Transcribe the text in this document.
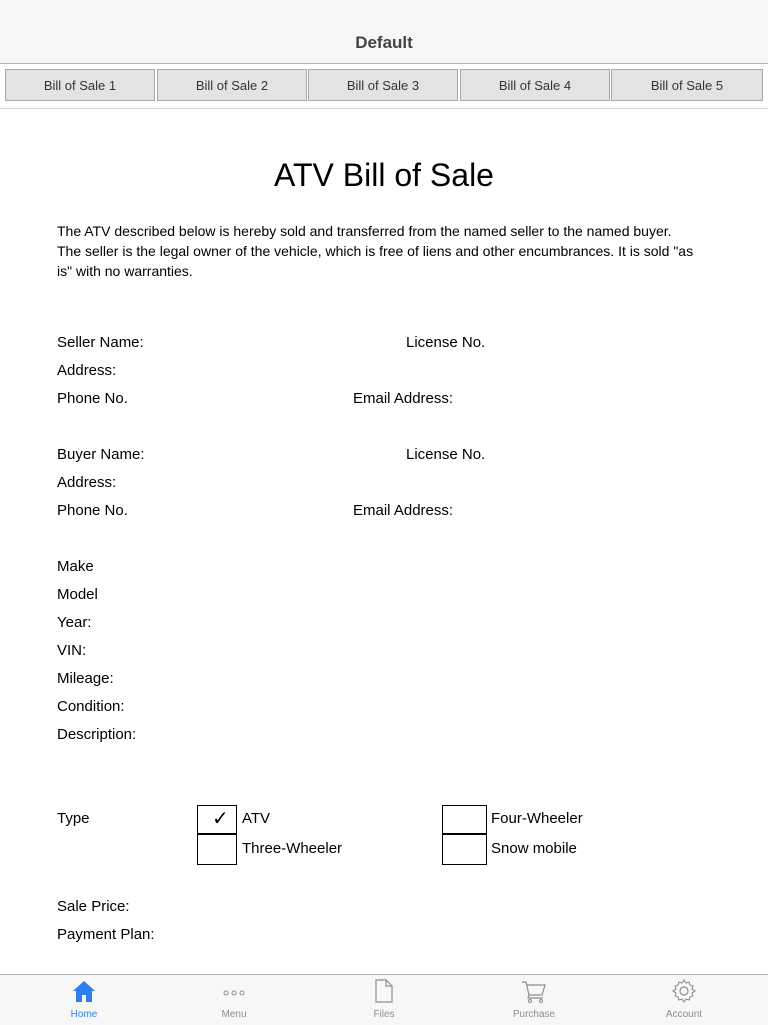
Default
Bill of Sale 1	Bill of Sale 2	Bill of Sale 3	Bill of Sale 4	Bill of Sale 5
ATV Bill of Sale
The ATV described below is hereby sold and transferred from the named seller to the named buyer. The seller is the legal owner of the vehicle, which is free of liens and other encumbrances. It is sold "as is" with no warranties.
Seller Name:	License No.
Address:
Phone No.	Email Address:
Buyer Name:	License No.
Address:
Phone No.	Email Address:
Make
Model
Year:
VIN:
Mileage:
Condition:
Description:
Type	✓ ATV	Four-Wheeler
Three-Wheeler	Snow mobile
Sale Price:
Payment Plan:
Home	Menu	Files	Purchase	Account
